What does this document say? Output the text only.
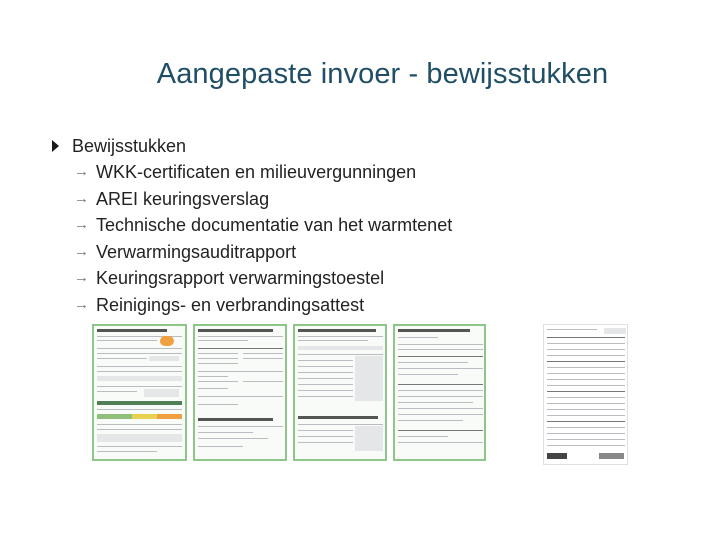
Aangepaste invoer - bewijsstukken
Bewijsstukken
→ WKK-certificaten en milieuvergunningen
→ AREI keuringsverslag
→ Technische documentatie van het warmtenet
→ Verwarmingsauditrapport
→ Keuringsrapport verwarmingstoestel
→ Reinigings- en verbrandingsattest
